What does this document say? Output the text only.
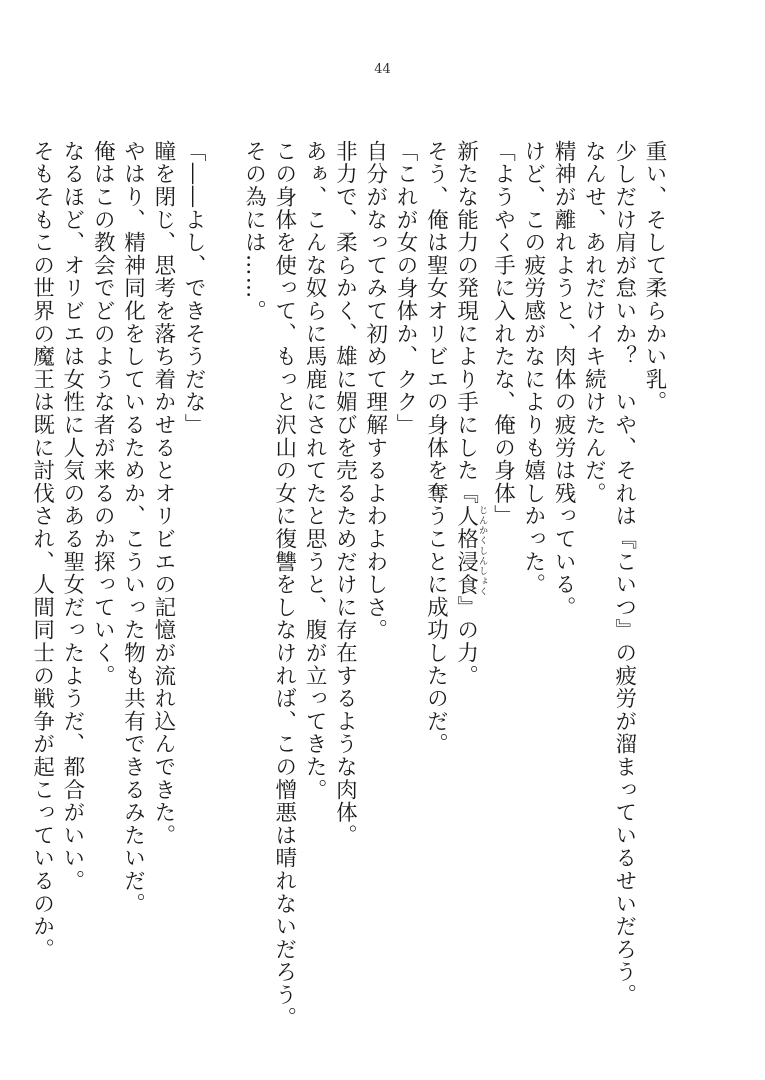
44
重い、そして柔らかい乳。
少しだけ肩が怠いか？　いや、それは『こいつ』の疲労が溜まっているせいだろう。
なんせ、あれだけイキ続けたんだ。
精神が離れようと、肉体の疲労は残っている。
けど、この疲労感がなによりも嬉しかった。
「ようやく手に入れたな、俺の身体」
新たな能力の発現により手にした『人格浸食じんかくしんしょく』の力。
そう、俺は聖女オリビエの身体を奪うことに成功したのだ。
「これが女の身体か、クク」
自分がなってみて初めて理解するよわよわしさ。
非力で、柔らかく、雄に媚びを売るためだけに存在するような肉体。
あぁ、こんな奴らに馬鹿にされてたと思うと、腹が立ってきた。
この身体を使って、もっと沢山の女に復讐をしなければ、この憎悪は晴れないだろう。
その為には……。
「――よし、できそうだな」
瞳を閉じ、思考を落ち着かせるとオリビエの記憶が流れ込んできた。
やはり、精神同化をしているためか、こういった物も共有できるみたいだ。
俺はこの教会でどのような者が来るのか探っていく。
なるほど、オリビエは女性に人気のある聖女だったようだ、都合がいい。
そもそもこの世界の魔王は既に討伐され、人間同士の戦争が起こっているのか。
